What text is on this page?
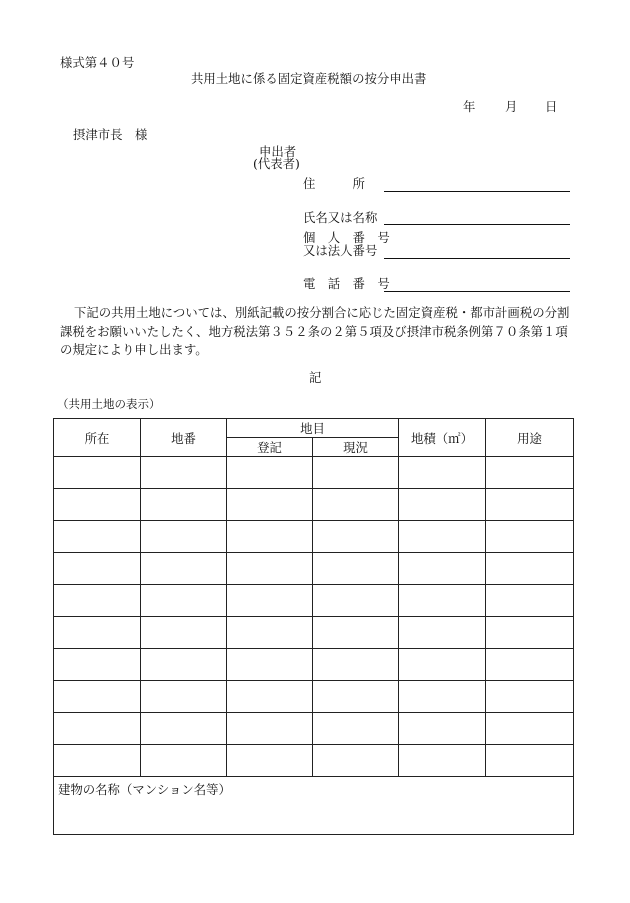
様式第４０号
共用土地に係る固定資産税額の按分申出書
年 月 日
摂津市長　様
申出者
(代表者)
住　　　所
氏名又は名称
個　人　番　号
又は法人番号
電　話　番　号
下記の共用土地については、別紙記載の按分割合に応じた固定資産税・都市計画税の分割課税をお願いいたしたく、地方税法第３５２条の２第５項及び摂津市税条例第７０条第１項の規定により申し出ます。
記
（共用土地の表示）
所在	地番	地目		地積（㎡）	用途
		登記	現況		

建物の名称（マンション名等）					
